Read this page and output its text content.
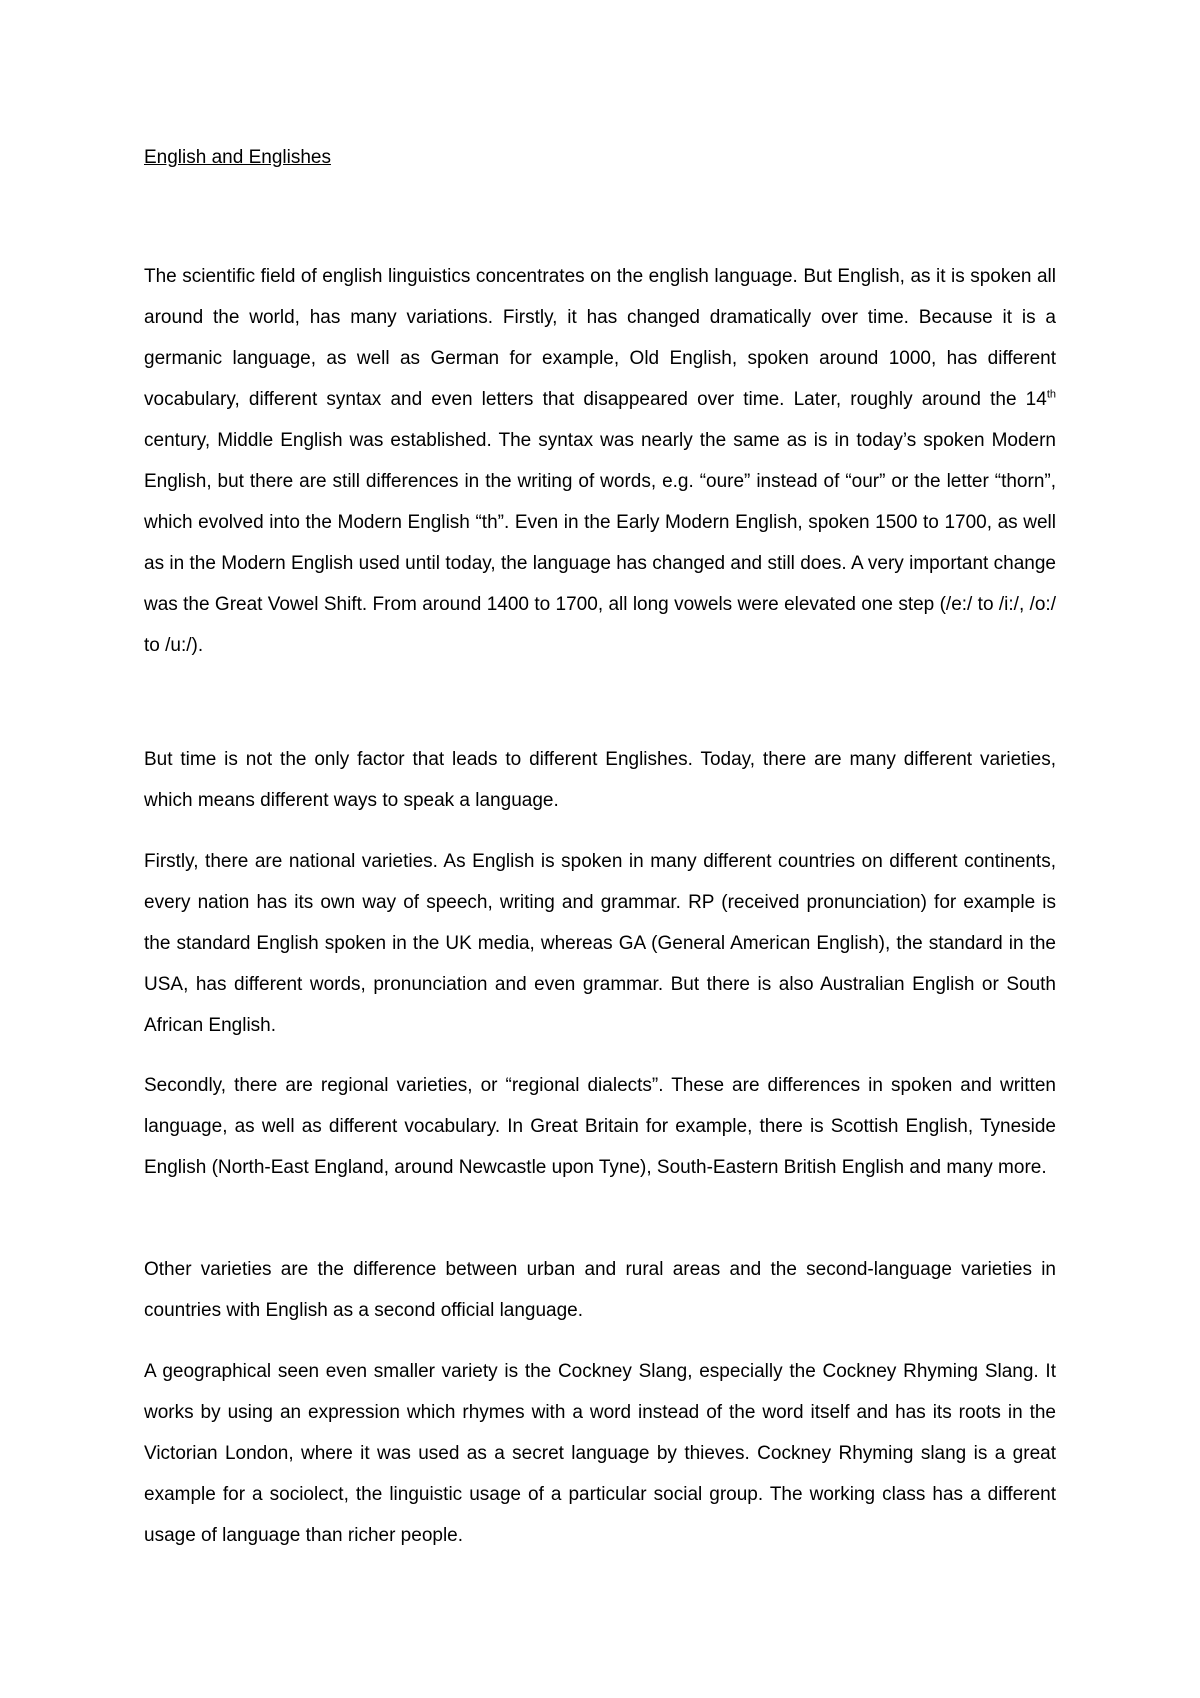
English and Englishes

The scientific field of english linguistics concentrates on the english language. But English, as it is spoken all around the world, has many variations. Firstly, it has changed dramatically over time. Because it is a germanic language, as well as German for example, Old English, spoken around 1000, has different vocabulary, different syntax and even letters that disappeared over time. Later, roughly around the 14th century, Middle English was established. The syntax was nearly the same as is in today’s spoken Modern English, but there are still differences in the writing of words, e.g. “oure” instead of “our” or the letter “thorn”, which evolved into the Modern English “th”. Even in the Early Modern English, spoken 1500 to 1700, as well as in the Modern English used until today, the language has changed and still does. A very important change was the Great Vowel Shift. From around 1400 to 1700, all long vowels were elevated one step (/e:/ to /i:/, /o:/ to /u:/).

But time is not the only factor that leads to different Englishes. Today, there are many different varieties, which means different ways to speak a language.

Firstly, there are national varieties. As English is spoken in many different countries on different continents, every nation has its own way of speech, writing and grammar. RP (received pronunciation) for example is the standard English spoken in the UK media, whereas GA (General American English), the standard in the USA, has different words, pronunciation and even grammar. But there is also Australian English or South African English.

Secondly, there are regional varieties, or “regional dialects”. These are differences in spoken and written language, as well as different vocabulary. In Great Britain for example, there is Scottish English, Tyneside English (North-East England, around Newcastle upon Tyne), South-Eastern British English and many more.

Other varieties are the difference between urban and rural areas and the second-language varieties in countries with English as a second official language.

A geographical seen even smaller variety is the Cockney Slang, especially the Cockney Rhyming Slang. It works by using an expression which rhymes with a word instead of the word itself and has its roots in the Victorian London, where it was used as a secret language by thieves. Cockney Rhyming slang is a great example for a sociolect, the linguistic usage of a particular social group. The working class has a different usage of language than richer people.
